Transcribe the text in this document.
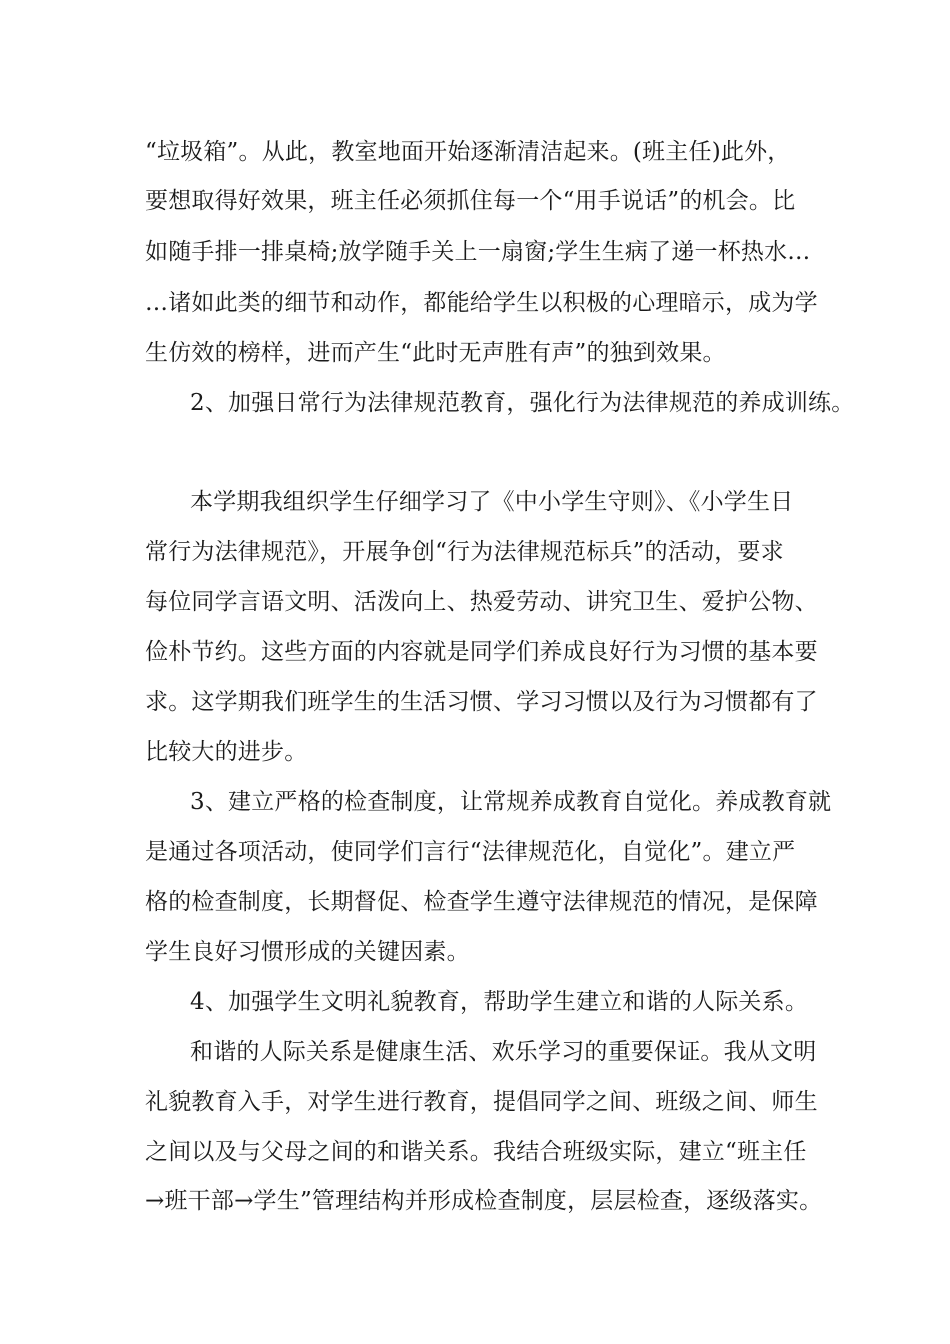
“垃圾箱”。从此，教室地面开始逐渐清洁起来。(班主任)此外，
要想取得好效果，班主任必须抓住每一个“用手说话”的机会。比
如随手排一排桌椅;放学随手关上一扇窗;学生生病了递一杯热水…
…诸如此类的细节和动作，都能给学生以积极的心理暗示，成为学
生仿效的榜样，进而产生“此时无声胜有声”的独到效果。
2、加强日常行为法律规范教育，强化行为法律规范的养成训练。
本学期我组织学生仔细学习了《中小学生守则》、《小学生日
常行为法律规范》，开展争创“行为法律规范标兵”的活动，要求
每位同学言语文明、活泼向上、热爱劳动、讲究卫生、爱护公物、
俭朴节约。这些方面的内容就是同学们养成良好行为习惯的基本要
求。这学期我们班学生的生活习惯、学习习惯以及行为习惯都有了
比较大的进步。
3、建立严格的检查制度，让常规养成教育自觉化。养成教育就
是通过各项活动，使同学们言行“法律规范化，自觉化”。建立严
格的检查制度，长期督促、检查学生遵守法律规范的情况，是保障
学生良好习惯形成的关键因素。
4、加强学生文明礼貌教育，帮助学生建立和谐的人际关系。
和谐的人际关系是健康生活、欢乐学习的重要保证。我从文明
礼貌教育入手，对学生进行教育，提倡同学之间、班级之间、师生
之间以及与父母之间的和谐关系。我结合班级实际，建立“班主任
→班干部→学生”管理结构并形成检查制度，层层检查，逐级落实。
